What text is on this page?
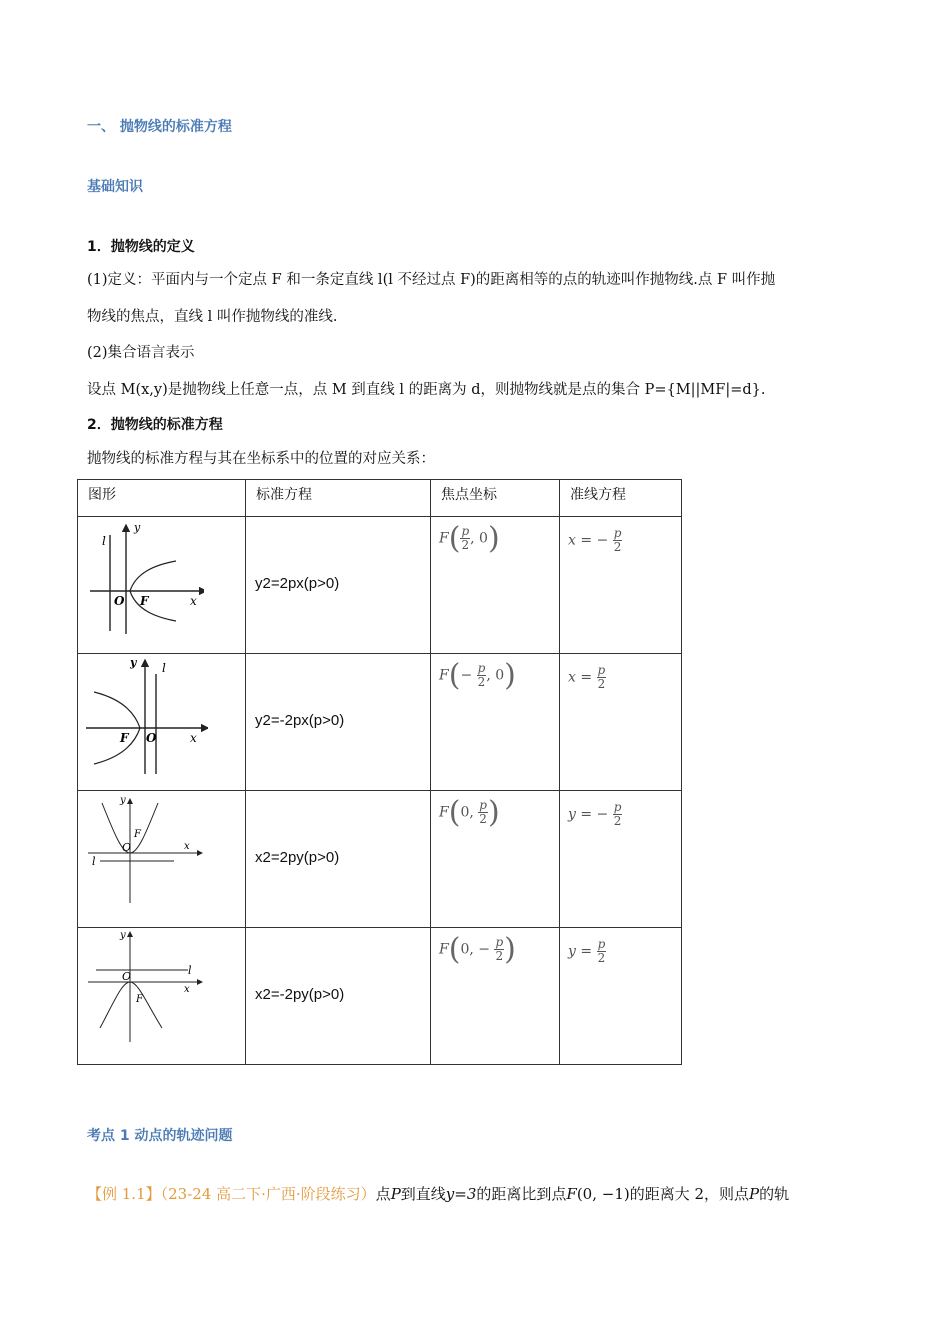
一、 抛物线的标准方程
基础知识
1．抛物线的定义
(1)定义：平面内与一个定点 F 和一条定直线 l(l 不经过点 F)的距离相等的点的轨迹叫作抛物线.点 F 叫作抛
物线的焦点，直线 l 叫作抛物线的准线.
(2)集合语言表示
设点 M(x,y)是抛物线上任意一点，点 M 到直线 l 的距离为 d，则抛物线就是点的集合 P={M||MF|=d}.
2．抛物线的标准方程
抛物线的标准方程与其在坐标系中的位置的对应关系：
图形	标准方程	焦点坐标	准线方程

y
l
O F x	y2=2px(p>0)	$F( \frac{p}{2}$ , 0)	x = − $\frac{p}{2}$

y l
F O x	y2=-2px(p>0)	$F(- \frac{p}{2}$ , 0)	$x = \frac{p}{2}$

y
F
O
l
x	x2=2py(p>0)	F(0, $\frac{p}{2}$ )	y = − $\frac{p}{2}$

y
O
F
l
x	x2=-2py(p>0)	F(0, − $\frac{p}{2}$ )	$y = \frac{p}{2}$
考点 1 动点的轨迹问题
【例 1.1】（23-24 高二下·广西·阶段练习）点P到直线y=3的距离比到点F(0, −1)的距离大 2，则点P的轨
